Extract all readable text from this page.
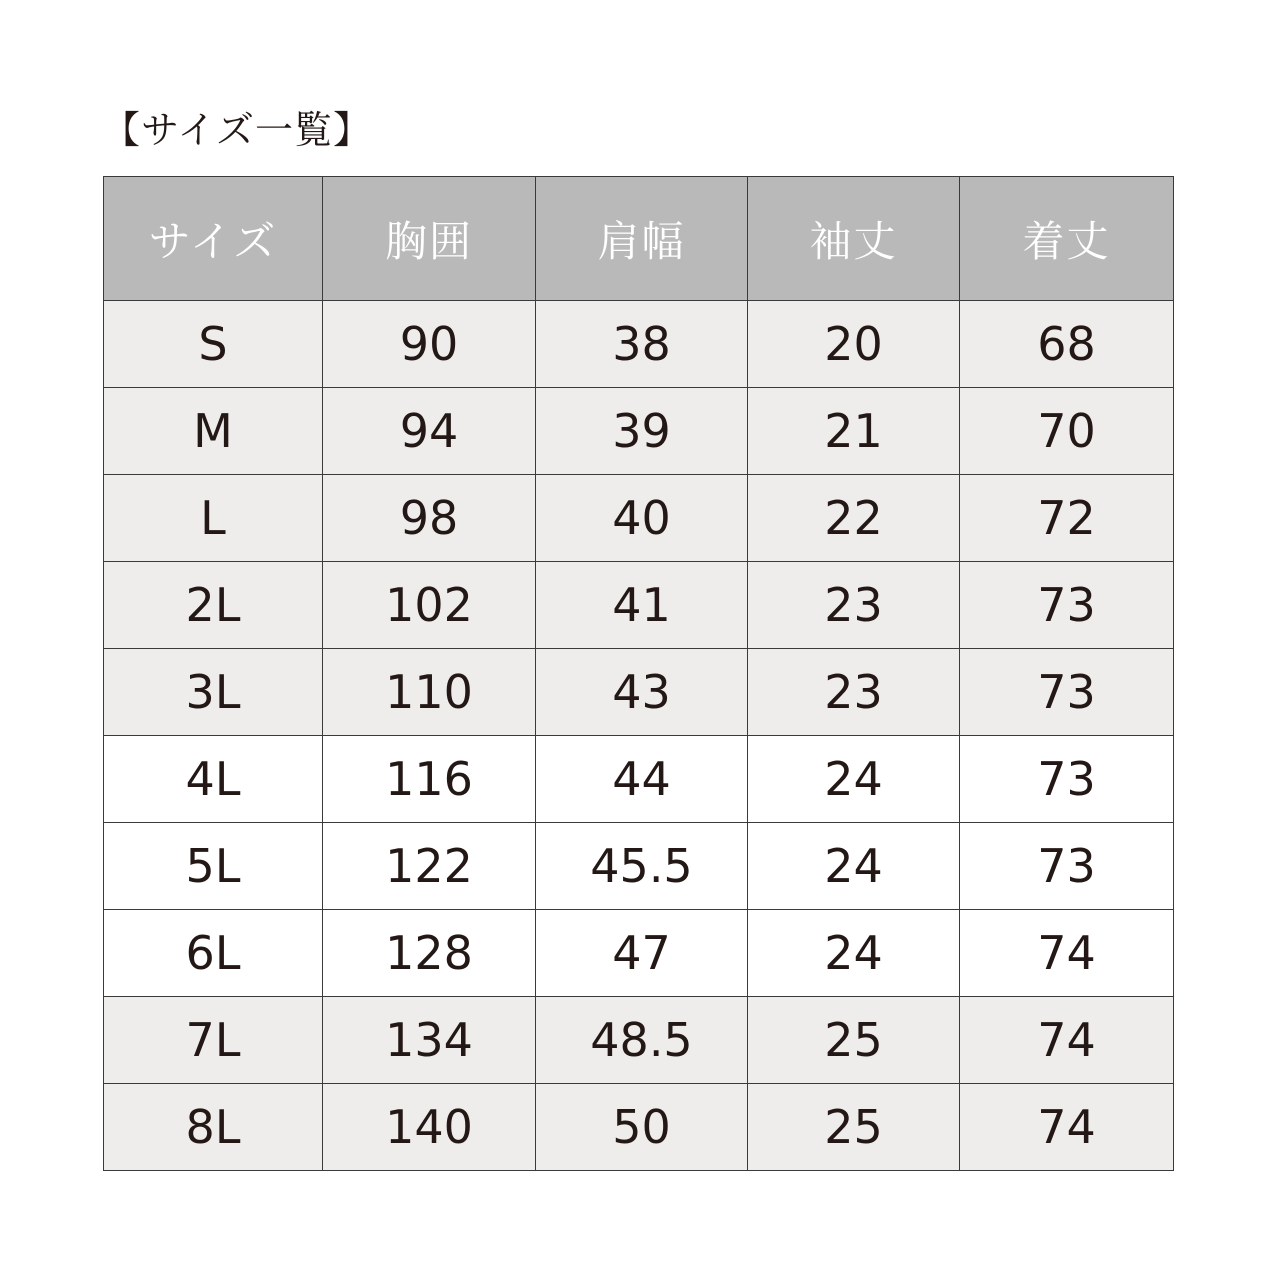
【サイズ一覧】
サイズ	胸囲	肩幅	袖丈	着丈
S	90	38	20	68
M	94	39	21	70
L	98	40	22	72
2L	102	41	23	73
3L	110	43	23	73
4L	116	44	24	73
5L	122	45.5	24	73
6L	128	47	24	74
7L	134	48.5	25	74
8L	140	50	25	74
